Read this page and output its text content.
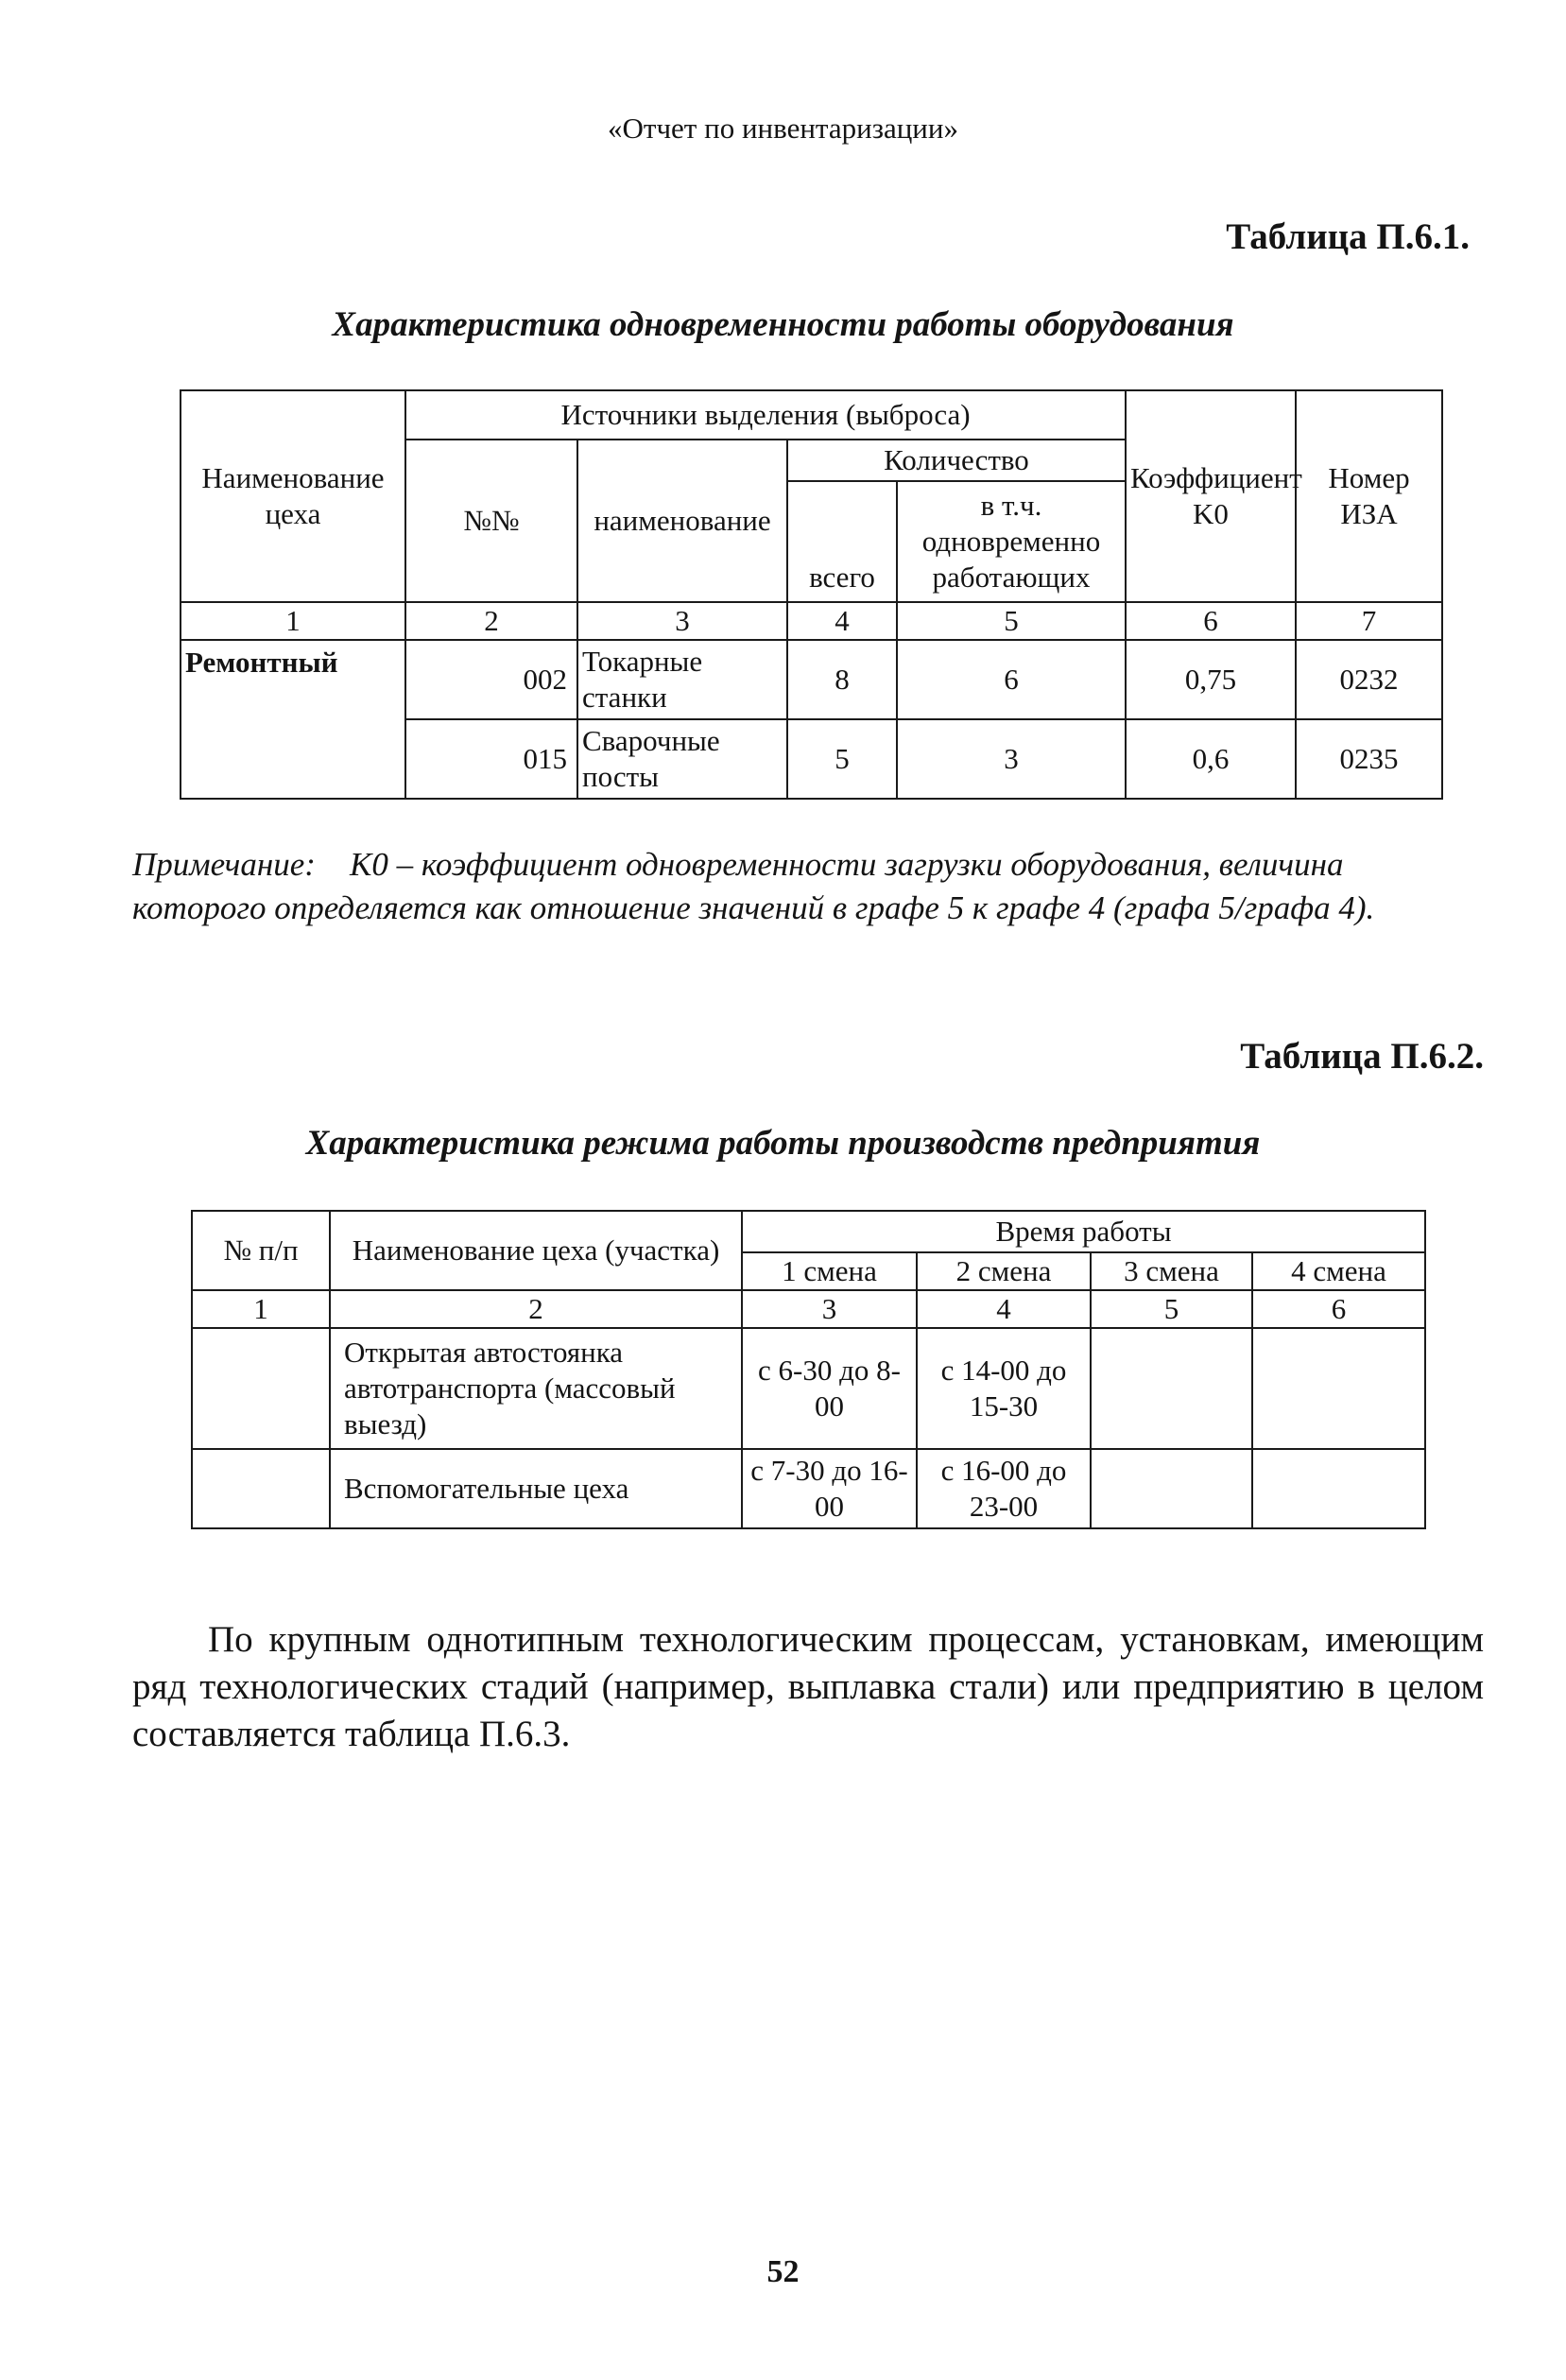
«Отчет по инвентаризации»
Таблица П.6.1.
Характеристика одновременности работы оборудования
Наименование цеха	Источники выделения (выброса)				Коэффициент K0	Номер ИЗА
	№№	наименование	Количество			
			всего	в т.ч. одновременно работающих		

1	2	3	4	5	6	7
Ремонтный	002	Токарные станки	8	6	0,75	0232
	015	Сварочные посты	5	3	0,6	0235
Примечание: K0 – коэффициент одновременности загрузки оборудования, величина которого определяется как отношение значений в графе 5 к графе 4 (графа 5/графа 4).
Таблица П.6.2.
Характеристика режима работы производств предприятия
№ п/п	Наименование цеха (участка)	Время работы			
		1 смена	2 смена	3 смена	4 смена
1	2	3	4	5	6
	Открытая автостоянка автотранспорта (массовый выезд)	с 6-30 до 8-00	с 14-00 до 15-30		
	Вспомогательные цеха	с 7-30 до 16-00	с 16-00 до 23-00		
По крупным однотипным технологическим процессам, установкам, имеющим ряд технологических стадий (например, выплавка стали) или предприятию в целом составляется таблица П.6.3.
52
